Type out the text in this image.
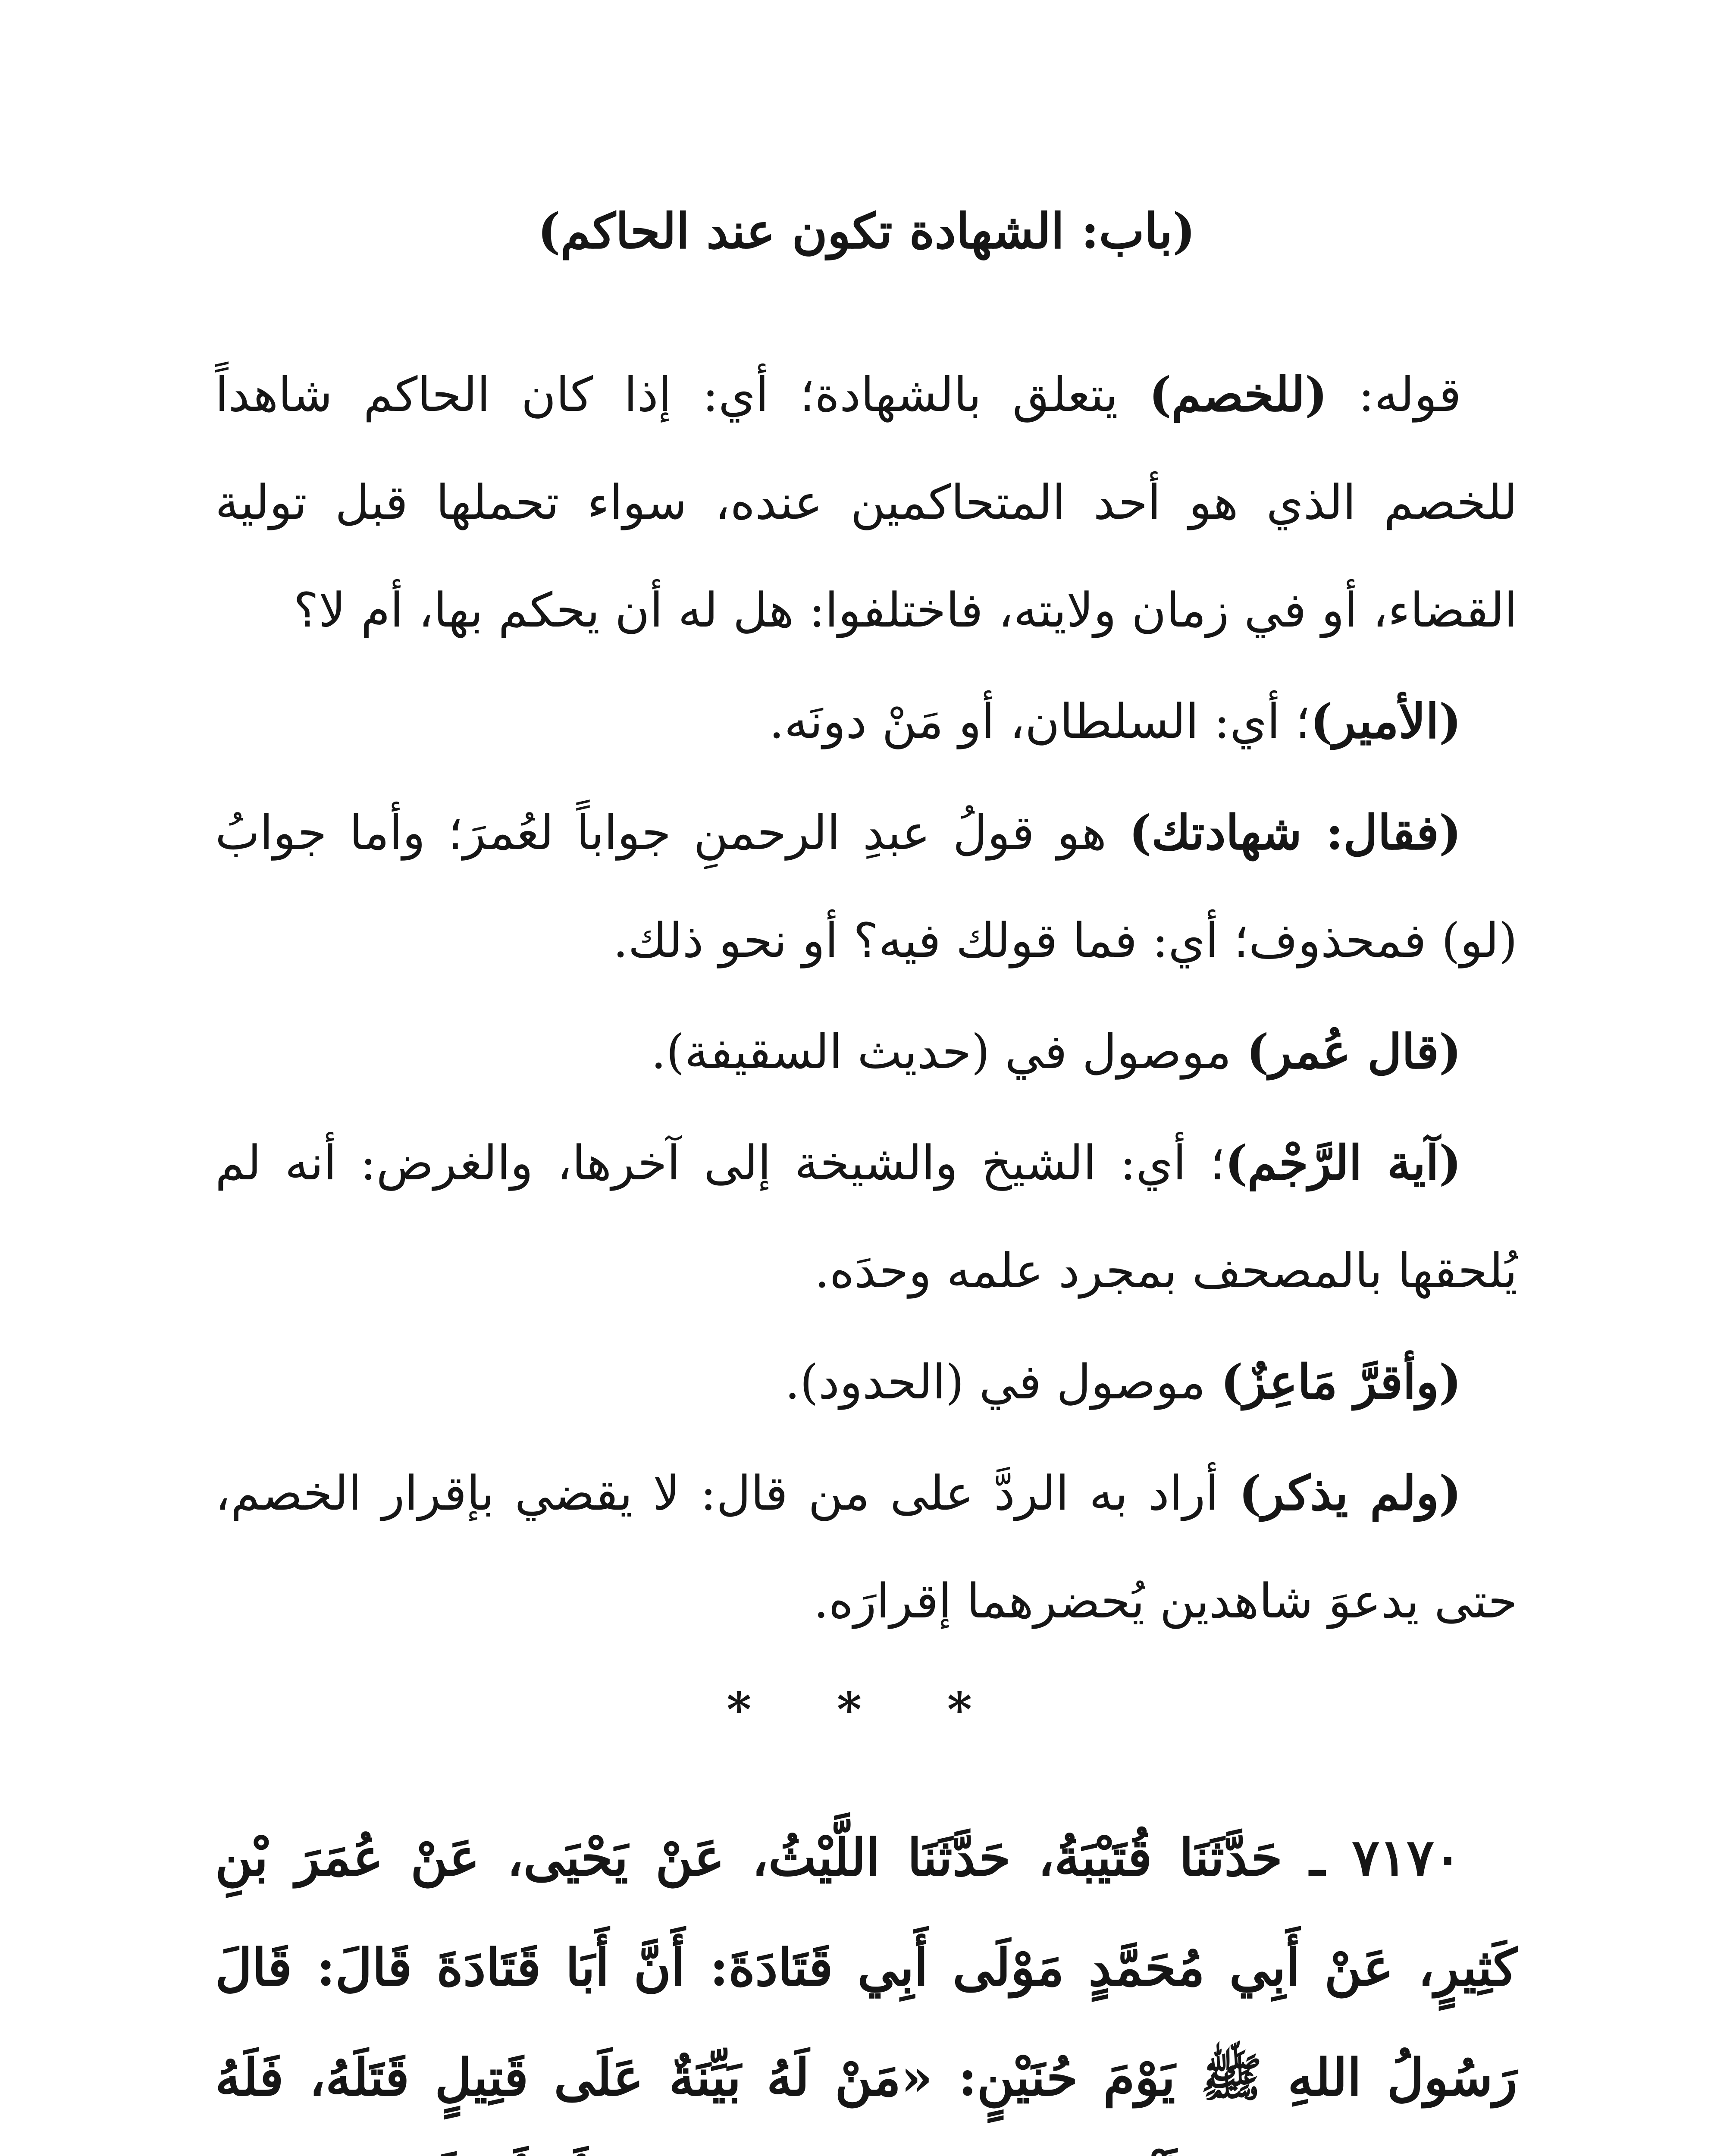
(باب: الشهادة تكون عند الحاكم)

قوله: (للخصم) يتعلق بالشهادة؛ أي: إذا كان الحاكم شاهداً للخصم الذي هو أحد المتحاكمين عنده، سواء تحملها قبل تولية القضاء، أو في زمان ولايته، فاختلفوا: هل له أن يحكم بها، أم لا؟

(الأمير)؛ أي: السلطان، أو مَنْ دونَه.

(فقال: شهادتك) هو قولُ عبدِ الرحمنِ جواباً لعُمرَ؛ وأما جوابُ (لو) فمحذوف؛ أي: فما قولك فيه؟ أو نحو ذلك.

(قال عُمر) موصول في (حديث السقيفة).

(آية الرَّجْم)؛ أي: الشيخ والشيخة إلى آخرها، والغرض: أنه لم يُلحقها بالمصحف بمجرد علمه وحدَه.

(وأقرَّ مَاعِزٌ) موصول في (الحدود).

(ولم يذكر) أراد به الردَّ على من قال: لا يقضي بإقرار الخصم، حتى يدعوَ شاهدين يُحضرهما إقرارَه.

* * *

٧١٧٠ ـ حَدَّثَنَا قُتَيْبَةُ، حَدَّثَنَا اللَّيْثُ، عَنْ يَحْيَى، عَنْ عُمَرَ بْنِ كَثِيرٍ، عَنْ أَبِي مُحَمَّدٍ مَوْلَى أَبِي قَتَادَةَ: أَنَّ أَبَا قَتَادَةَ قَالَ: قَالَ رَسُولُ اللهِ ﷺ يَوْمَ حُنَيْنٍ: «مَنْ لَهُ بَيِّنَةٌ عَلَى قَتِيلٍ قَتَلَهُ، فَلَهُ
